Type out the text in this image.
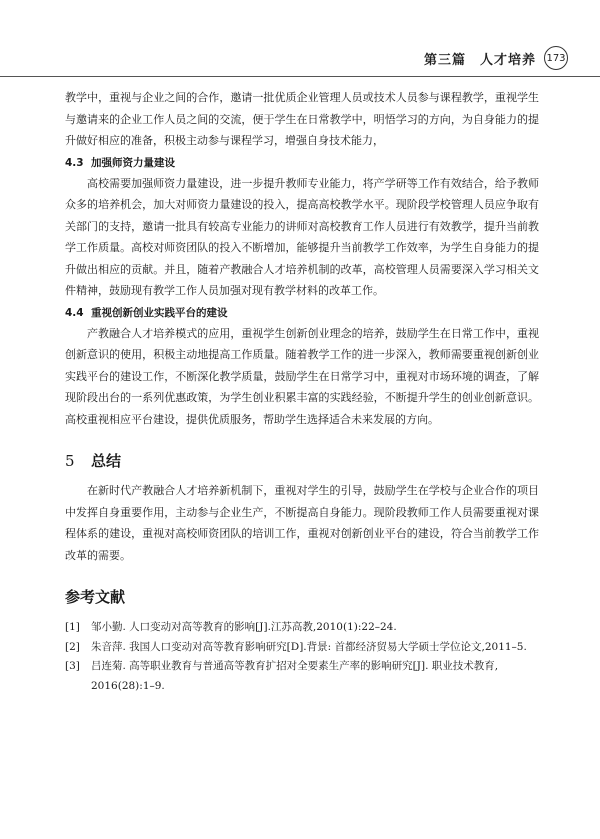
第三篇　人才培养 173

教学中，重视与企业之间的合作，邀请一批优质企业管理人员或技术人员参与课程教学，重视学生与邀请来的企业工作人员之间的交流，便于学生在日常教学中，明悟学习的方向，为自身能力的提升做好相应的准备，积极主动参与课程学习，增强自身技术能力，

4.3 加强师资力量建设

高校需要加强师资力量建设，进一步提升教师专业能力，将产学研等工作有效结合，给予教师众多的培养机会，加大对师资力量建设的投入，提高高校教学水平。现阶段学校管理人员应争取有关部门的支持，邀请一批具有较高专业能力的讲师对高校教育工作人员进行有效教学，提升当前教学工作质量。高校对师资团队的投入不断增加，能够提升当前教学工作效率，为学生自身能力的提升做出相应的贡献。并且，随着产教融合人才培养机制的改革，高校管理人员需要深入学习相关文件精神，鼓励现有教学工作人员加强对现有教学材料的改革工作。

4.4 重视创新创业实践平台的建设

产教融合人才培养模式的应用，重视学生创新创业理念的培养，鼓励学生在日常工作中，重视创新意识的使用，积极主动地提高工作质量。随着教学工作的进一步深入，教师需要重视创新创业实践平台的建设工作，不断深化教学质量，鼓励学生在日常学习中，重视对市场环境的调查，了解现阶段出台的一系列优惠政策，为学生创业积累丰富的实践经验，不断提升学生的创业创新意识。高校重视相应平台建设，提供优质服务，帮助学生选择适合未来发展的方向。

5 总结

在新时代产教融合人才培养新机制下，重视对学生的引导，鼓励学生在学校与企业合作的项目中发挥自身重要作用，主动参与企业生产，不断提高自身能力。现阶段教师工作人员需要重视对课程体系的建设，重视对高校师资团队的培训工作，重视对创新创业平台的建设，符合当前教学工作改革的需要。

参考文献
[1] 邹小勤. 人口变动对高等教育的影响[J].江苏高教,2010(1):22–24.
[2] 朱音萍. 我国人口变动对高等教育影响研究[D].背景: 首都经济贸易大学硕士学位论文,2011–5.
[3] 吕连菊. 高等职业教育与普通高等教育扩招对全要素生产率的影响研究[J]. 职业技术教育, 2016(28):1–9.
